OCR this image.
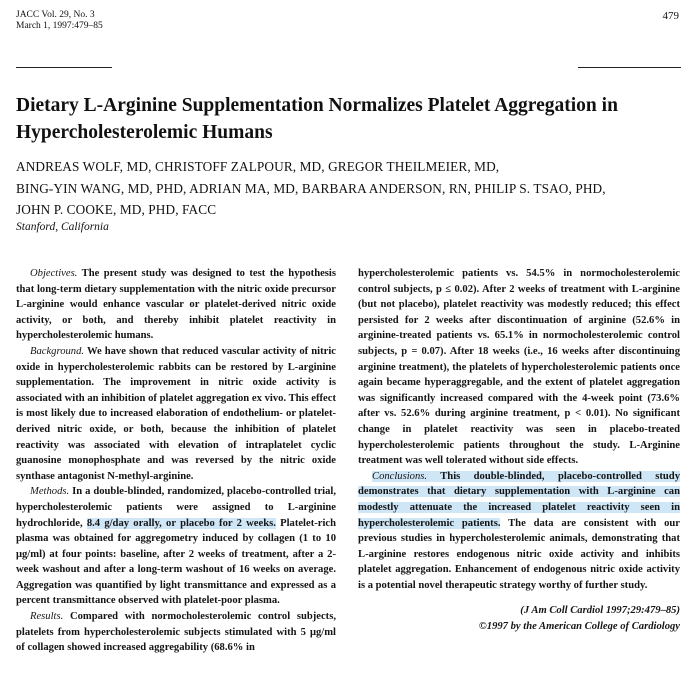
JACC Vol. 29, No. 3
March 1, 1997:479–85
479
Dietary L-Arginine Supplementation Normalizes Platelet Aggregation in Hypercholesterolemic Humans
ANDREAS WOLF, MD, CHRISTOFF ZALPOUR, MD, GREGOR THEILMEIER, MD,
BING-YIN WANG, MD, PHD, ADRIAN MA, MD, BARBARA ANDERSON, RN, PHILIP S. TSAO, PHD,
JOHN P. COOKE, MD, PHD, FACC
Stanford, California

Objectives. The present study was designed to test the hypothesis that long-term dietary supplementation with the nitric oxide precursor L-arginine would enhance vascular or platelet-derived nitric oxide activity, or both, and thereby inhibit platelet reactivity in hypercholesterolemic humans.

Background. We have shown that reduced vascular activity of nitric oxide in hypercholesterolemic rabbits can be restored by L-arginine supplementation. The improvement in nitric oxide activity is associated with an inhibition of platelet aggregation ex vivo. This effect is most likely due to increased elaboration of endothelium- or platelet-derived nitric oxide, or both, because the inhibition of platelet reactivity was associated with elevation of intraplatelet cyclic guanosine monophosphate and was reversed by the nitric oxide synthase antagonist N-methyl-arginine.

Methods. In a double-blinded, randomized, placebo-controlled trial, hypercholesterolemic patients were assigned to L-arginine hydrochloride, 8.4 g/day orally, or placebo for 2 weeks. Platelet-rich plasma was obtained for aggregometry induced by collagen (1 to 10 μg/ml) at four points: baseline, after 2 weeks of treatment, after a 2-week washout and after a long-term washout of 16 weeks on average. Aggregation was quantified by light transmittance and expressed as a percent transmittance observed with platelet-poor plasma.

Results. Compared with normocholesterolemic control subjects, platelets from hypercholesterolemic subjects stimulated with 5 μg/ml of collagen showed increased aggregability (68.6% in

hypercholesterolemic patients vs. 54.5% in normocholesterolemic control subjects, p ≤ 0.02). After 2 weeks of treatment with L-arginine (but not placebo), platelet reactivity was modestly reduced; this effect persisted for 2 weeks after discontinuation of arginine (52.6% in arginine-treated patients vs. 65.1% in normocholesterolemic control subjects, p = 0.07). After 18 weeks (i.e., 16 weeks after discontinuing arginine treatment), the platelets of hypercholesterolemic patients once again became hyperaggregable, and the extent of platelet aggregation was significantly increased compared with the 4-week point (73.6% after vs. 52.6% during arginine treatment, p < 0.01). No significant change in platelet reactivity was seen in placebo-treated hypercholesterolemic patients throughout the study. L-Arginine treatment was well tolerated without side effects.

Conclusions. This double-blinded, placebo-controlled study demonstrates that dietary supplementation with L-arginine can modestly attenuate the increased platelet reactivity seen in hypercholesterolemic patients. The data are consistent with our previous studies in hypercholesterolemic animals, demonstrating that L-arginine restores endogenous nitric oxide activity and inhibits platelet aggregation. Enhancement of endogenous nitric oxide activity is a potential novel therapeutic strategy worthy of further study.

(J Am Coll Cardiol 1997;29:479–85)
©1997 by the American College of Cardiology
